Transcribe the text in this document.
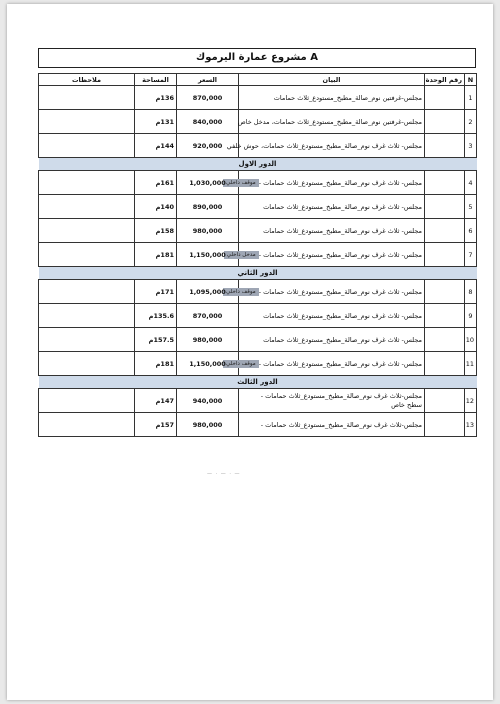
مشروع عمارة اليرموك A
N	رقم الوحدة	البيان	السعر	المساحة	ملاحظات
1		مجلس-غرفتين نوم_صالة_مطبخ_مستودع_ثلاث حمامات	870,000	136م	
2		مجلس-غرفتين نوم_صالة_مطبخ_مستودع_ثلاث حمامات، مدخل خاص	840,000	131م	
3		مجلس- ثلاث غرف نوم_صالة_مطبخ_مستودع_ثلاث حمامات، حوش خلفي	920,000	144م	
الدور الاول					
4		مجلس- ثلاث غرف نوم_صالة_مطبخ_مستودع_ثلاث حمامات -موقف داخلي	1,030,000	161م	
5		مجلس- ثلاث غرف نوم_صالة_مطبخ_مستودع_ثلاث حمامات	890,000	140م	
6		مجلس- ثلاث غرف نوم_صالة_مطبخ_مستودع_ثلاث حمامات	980,000	158م	
7		مجلس- ثلاث غرف نوم_صالة_مطبخ_مستودع_ثلاث حمامات -مدخل داخلي	1,150,000	181م	
الدور الثاني					
8		مجلس- ثلاث غرف نوم_صالة_مطبخ_مستودع_ثلاث حمامات -موقف داخلي	1,095,000	171م	
9		مجلس- ثلاث غرف نوم_صالة_مطبخ_مستودع_ثلاث حمامات	870,000	135.6م	
10		مجلس- ثلاث غرف نوم_صالة_مطبخ_مستودع_ثلاث حمامات	980,000	157.5م	
11		مجلس- ثلاث غرف نوم_صالة_مطبخ_مستودع_ثلاث حمامات -موقف داخلي	1,150,000	181م	
الدور الثالث					
12		مجلس-ثلاث غرف نوم_صالة_مطبخ_مستودع_ثلاث حمامات -
سطح خاص	940,000	147م	
13		مجلس-ثلاث غرف نوم_صالة_مطبخ_مستودع_ثلاث حمامات -	980,000	157م	
— · — · —
